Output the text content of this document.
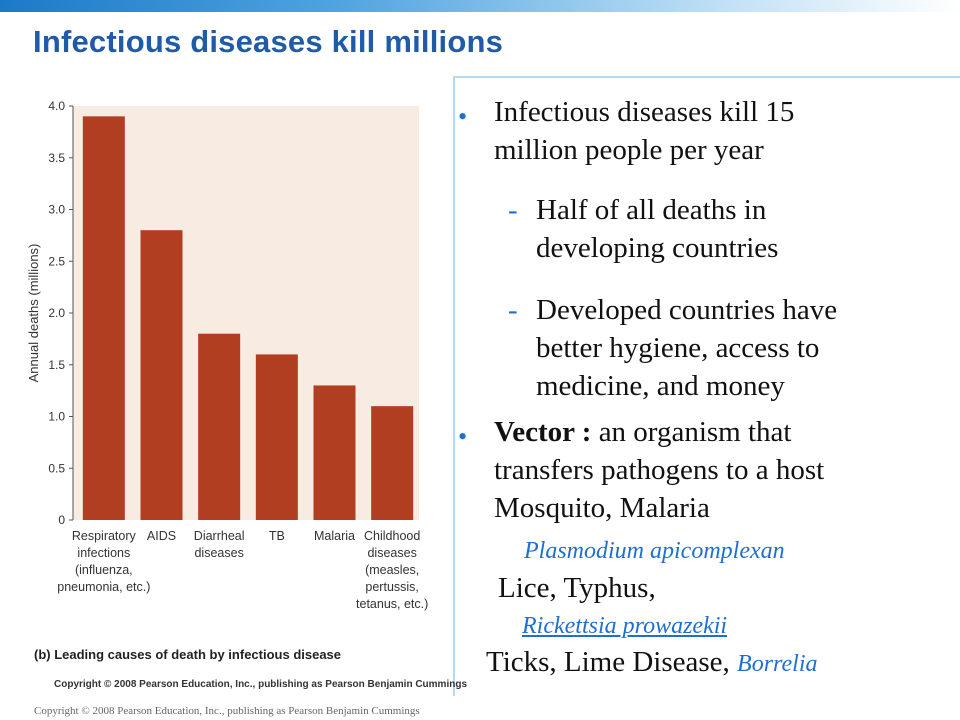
Infectious diseases kill millions
0
0.5
1.0
1.5
2.0
2.5
3.0
3.5
4.0
Annual deaths (millions)
Respiratory
infections
(influenza,
pneumonia, etc.)
AIDS Diarrheal
diseases
TB Malaria Childhood
diseases
(measles,
pertussis,
tetanus, etc.)
(b) Leading causes of death by infectious disease
Copyright © 2008 Pearson Education, Inc., publishing as Pearson Benjamin Cummings
• Infectious diseases kill 15
million people per year
- Half of all deaths in
developing countries
- Developed countries have
better hygiene, access to
medicine, and money
• Vector : an organism that
transfers pathogens to a host
Mosquito, Malaria
Plasmodium apicomplexan
Lice, Typhus,
Rickettsia prowazekii
Ticks, Lime Disease, Borrelia
Copyright © 2008 Pearson Education, Inc., publishing as Pearson Benjamin Cummings
